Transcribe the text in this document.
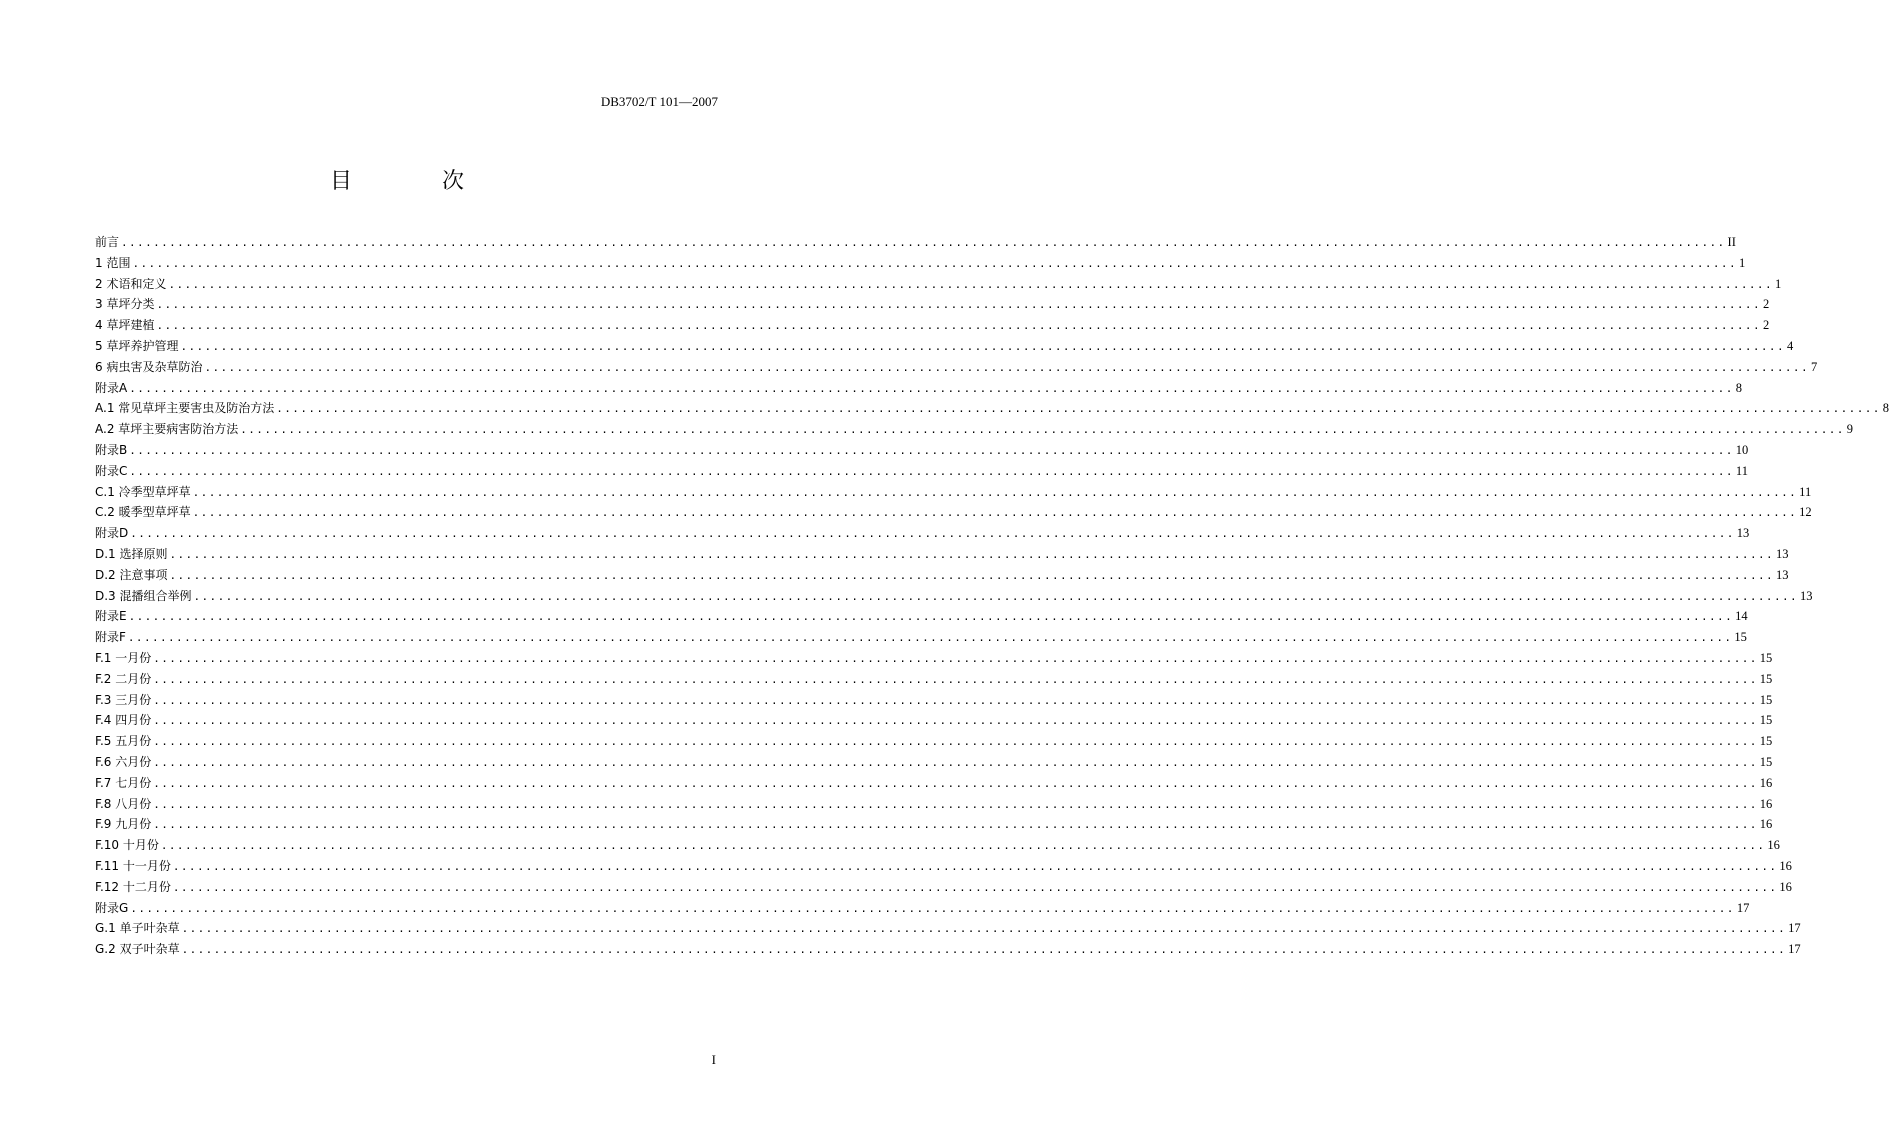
DB3702/T 101—2007
目　次
前言 ........................................................................................................................................................................................................ II
1 范围 ........................................................................................................................................................................................................ 1
2 术语和定义 ........................................................................................................................................................................................................ 1
3 草坪分类 ........................................................................................................................................................................................................ 2
4 草坪建植 ........................................................................................................................................................................................................ 2
5 草坪养护管理 ........................................................................................................................................................................................................ 4
6 病虫害及杂草防治 ........................................................................................................................................................................................................ 7
附录A ........................................................................................................................................................................................................ 8
A.1 常见草坪主要害虫及防治方法 ........................................................................................................................................................................................................ 8
A.2 草坪主要病害防治方法 ........................................................................................................................................................................................................ 9
附录B ........................................................................................................................................................................................................ 10
附录C ........................................................................................................................................................................................................ 11
C.1 冷季型草坪草 ........................................................................................................................................................................................................ 11
C.2 暖季型草坪草 ........................................................................................................................................................................................................ 12
附录D ........................................................................................................................................................................................................ 13
D.1 选择原则 ........................................................................................................................................................................................................ 13
D.2 注意事项 ........................................................................................................................................................................................................ 13
D.3 混播组合举例 ........................................................................................................................................................................................................ 13
附录E ........................................................................................................................................................................................................ 14
附录F ........................................................................................................................................................................................................ 15
F.1 一月份 ........................................................................................................................................................................................................ 15
F.2 二月份 ........................................................................................................................................................................................................ 15
F.3 三月份 ........................................................................................................................................................................................................ 15
F.4 四月份 ........................................................................................................................................................................................................ 15
F.5 五月份 ........................................................................................................................................................................................................ 15
F.6 六月份 ........................................................................................................................................................................................................ 15
F.7 七月份 ........................................................................................................................................................................................................ 16
F.8 八月份 ........................................................................................................................................................................................................ 16
F.9 九月份 ........................................................................................................................................................................................................ 16
F.10 十月份 ........................................................................................................................................................................................................ 16
F.11 十一月份 ........................................................................................................................................................................................................ 16
F.12 十二月份 ........................................................................................................................................................................................................ 16
附录G ........................................................................................................................................................................................................ 17
G.1 单子叶杂草 ........................................................................................................................................................................................................ 17
G.2 双子叶杂草 ........................................................................................................................................................................................................ 17
I
